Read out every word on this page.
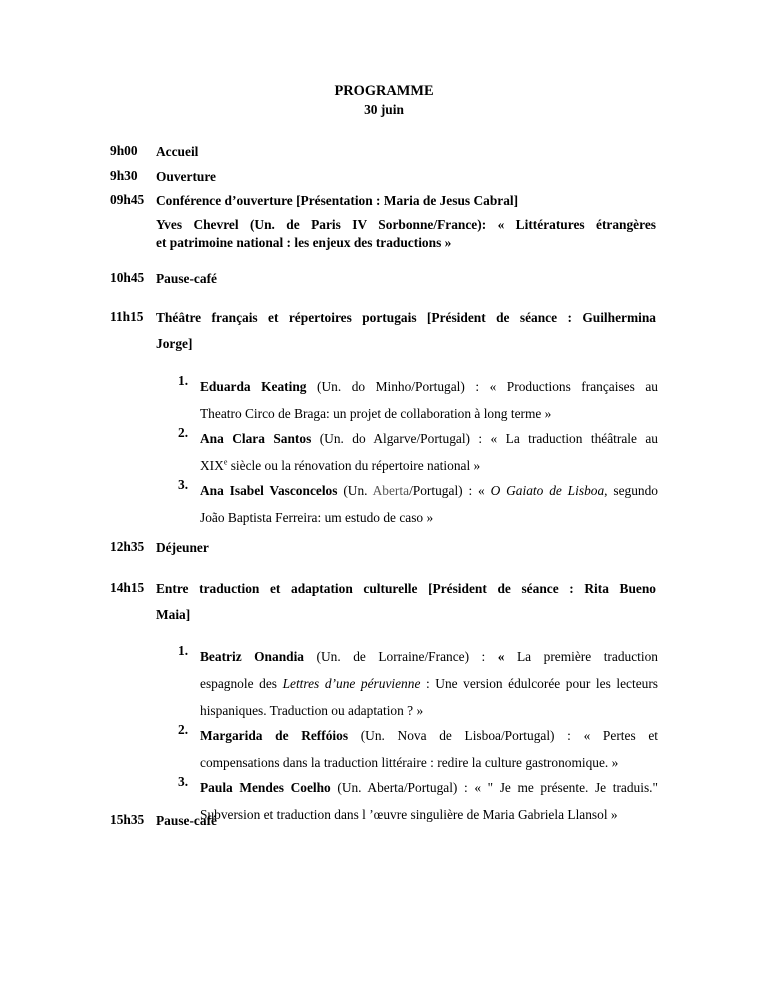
PROGRAMME
30 juin
9h00 Accueil
9h30 Ouverture
09h45 Conférence d’ouverture [Présentation : Maria de Jesus Cabral]
Yves Chevrel (Un. de Paris IV Sorbonne/France): « Littératures étrangères
et patrimoine national : les enjeux des traductions »
10h45 Pause-café
11h15 Théâtre français et répertoires portugais [Président de séance : Guilhermina
Jorge]
1. Eduarda Keating (Un. do Minho/Portugal) : « Productions françaises au
Theatro Circo de Braga: un projet de collaboration à long terme »
2. Ana Clara Santos (Un. do Algarve/Portugal) : « La traduction théâtrale au
XIXe siècle ou la rénovation du répertoire national »
3. Ana Isabel Vasconcelos (Un. Aberta/Portugal) : « O Gaiato de Lisboa, segundo
João Baptista Ferreira: um estudo de caso »
12h35 Déjeuner
14h15 Entre traduction et adaptation culturelle [Président de séance : Rita Bueno
Maia]
1. Beatriz Onandia (Un. de Lorraine/France) : « La première traduction
espagnole des Lettres d’une péruvienne : Une version édulcorée pour les lecteurs
hispaniques. Traduction ou adaptation ? »
2. Margarida de Reffóios (Un. Nova de Lisboa/Portugal) : « Pertes et
compensations dans la traduction littéraire : redire la culture gastronomique. »
3. Paula Mendes Coelho (Un. Aberta/Portugal) : « " Je me présente. Je traduis."
Subversion et traduction dans l ’œuvre singulière de Maria Gabriela Llansol »
15h35 Pause-café
